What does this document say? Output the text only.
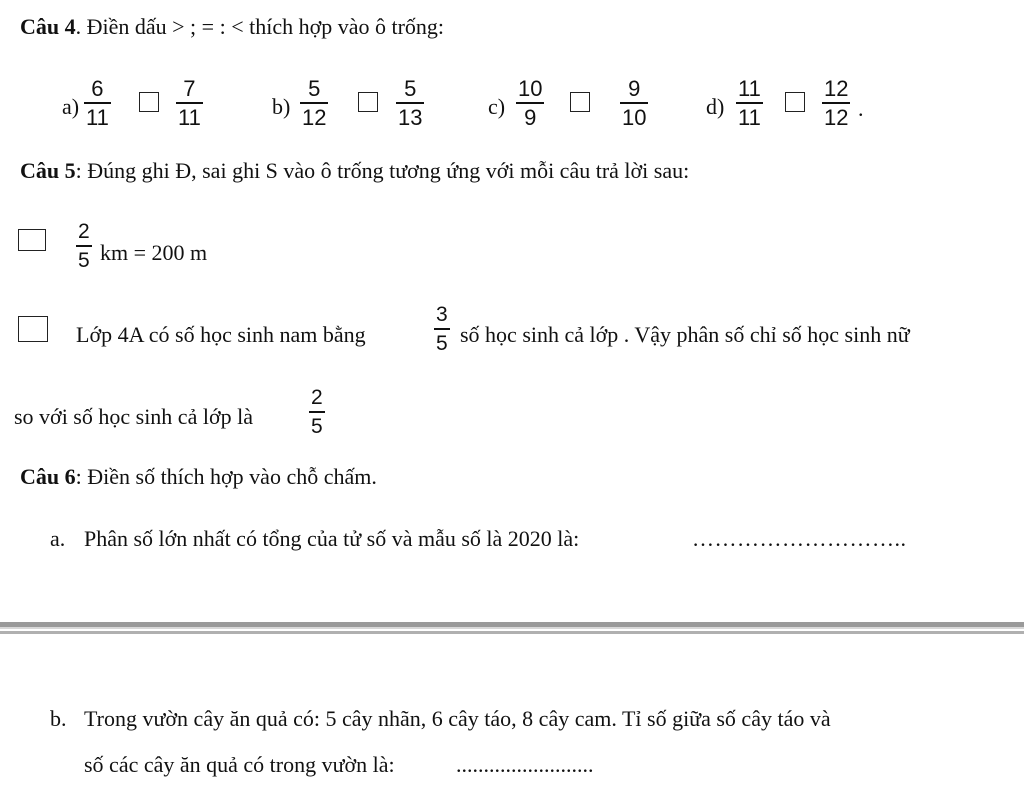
Câu 4. Điền dấu > ; = : < thích hợp vào ô trống:
a)
6
11
7
11	b)
5
12
5
13	c)
10
9
9
10	d)
11
11
12
12 .
Câu 5: Đúng ghi Đ, sai ghi S vào ô trống tương ứng với mỗi câu trả lời sau:
2
5 km = 200 m
Lớp 4A có số học sinh nam bằng
3
5 số học sinh cả lớp . Vậy phân số chỉ số học sinh nữ
so với số học sinh cả lớp là
2
5
Câu 6: Điền số thích hợp vào chỗ chấm.
a. Phân số lớn nhất có tổng của tử số và mẫu số là 2020 là:	………………………..
b. Trong vườn cây ăn quả có: 5 cây nhãn, 6 cây táo, 8 cây cam. Tỉ số giữa số cây táo và
số các cây ăn quả có trong vườn là:	.........................
